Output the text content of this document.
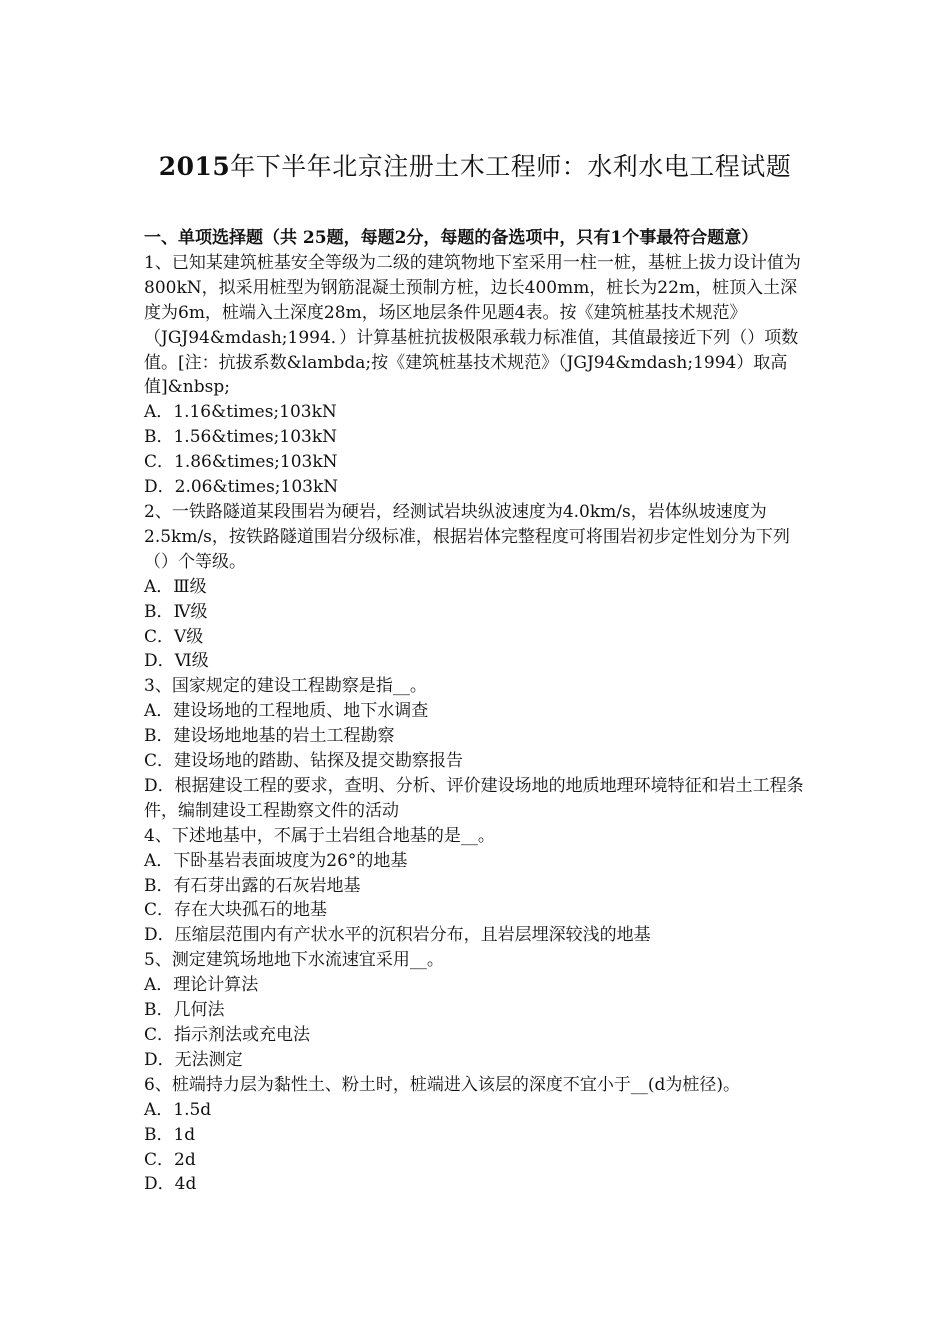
2015年下半年北京注册土木工程师：水利水电工程试题

一、单项选择题（共 25题，每题2分，每题的备选项中，只有1个事最符合题意）

1、已知某建筑桩基安全等级为二级的建筑物地下室采用一柱一桩，基桩上拔力设计值为800kN，拟采用桩型为钢筋混凝土预制方桩，边长400mm，桩长为22m，桩顶入土深度为6m，桩端入土深度28m，场区地层条件见题4表。按《建筑桩基技术规范》（JGJ94&mdash;1994．）计算基桩抗拔极限承载力标准值，其值最接近下列（）项数值。[注：抗拔系数&lambda;按《建筑桩基技术规范》（JGJ94&mdash;1994）取高值]&nbsp;

A．1.16&times;103kN

B．1.56&times;103kN

C．1.86&times;103kN

D．2.06&times;103kN

2、一铁路隧道某段围岩为硬岩，经测试岩块纵波速度为4.0km/s，岩体纵坡速度为2.5km/s，按铁路隧道围岩分级标准，根据岩体完整程度可将围岩初步定性划分为下列（）个等级。

A．Ⅲ级

B．Ⅳ级

C．Ⅴ级

D．Ⅵ级

3、国家规定的建设工程勘察是指__。

A．建设场地的工程地质、地下水调查

B．建设场地地基的岩土工程勘察

C．建设场地的踏勘、钻探及提交勘察报告

D．根据建设工程的要求，查明、分析、评价建设场地的地质地理环境特征和岩土工程条件，编制建设工程勘察文件的活动

4、下述地基中，不属于土岩组合地基的是__。

A．下卧基岩表面坡度为26°的地基

B．有石芽出露的石灰岩地基

C．存在大块孤石的地基

D．压缩层范围内有产状水平的沉积岩分布，且岩层埋深较浅的地基

5、测定建筑场地地下水流速宜采用__。

A．理论计算法

B．几何法

C．指示剂法或充电法

D．无法测定

6、桩端持力层为黏性土、粉土时，桩端进入该层的深度不宜小于__(d为桩径)。

A．1.5d

B．1d

C．2d

D．4d
